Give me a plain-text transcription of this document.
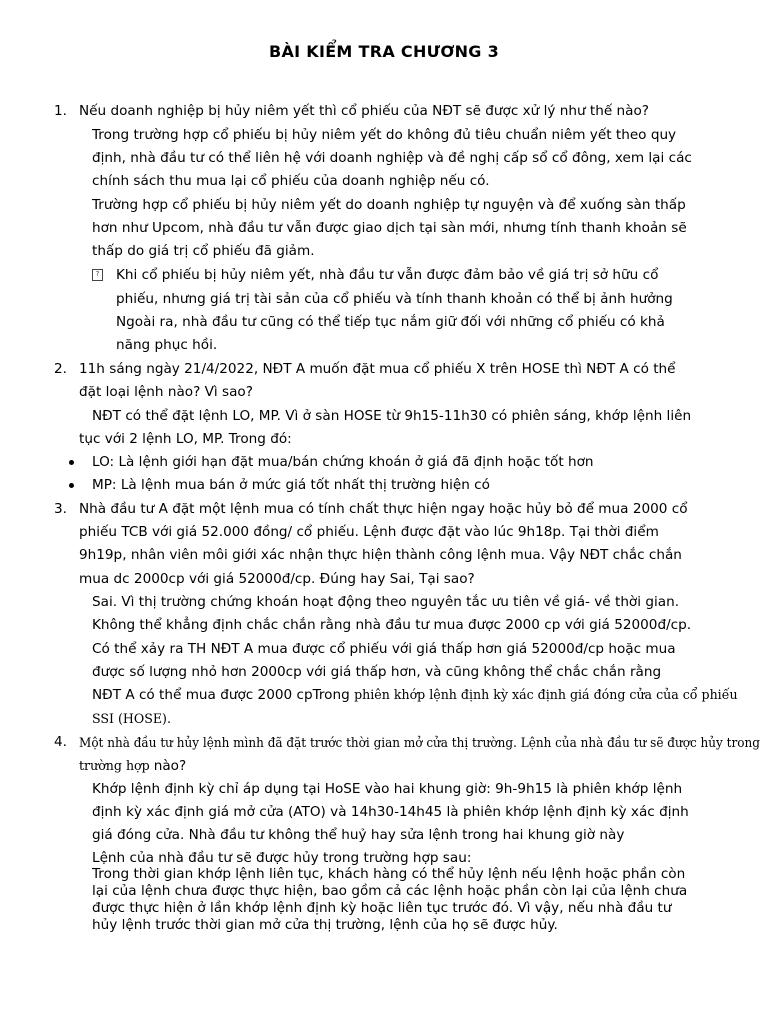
BÀI KIỂM TRA CHƯƠNG 3
1. Nếu doanh nghiệp bị hủy niêm yết thì cổ phiếu của NĐT sẽ được xử lý như thế nào?
Trong trường hợp cổ phiếu bị hủy niêm yết do không đủ tiêu chuẩn niêm yết theo quy
định, nhà đầu tư có thể liên hệ với doanh nghiệp và đề nghị cấp sổ cổ đông, xem lại các
chính sách thu mua lại cổ phiếu của doanh nghiệp nếu có.
Trường hợp cổ phiếu bị hủy niêm yết do doanh nghiệp tự nguyện và để xuống sàn thấp
hơn như Upcom, nhà đầu tư vẫn được giao dịch tại sàn mới, nhưng tính thanh khoản sẽ
thấp do giá trị cổ phiếu đã giảm.
? Khi cổ phiếu bị hủy niêm yết, nhà đầu tư vẫn được đảm bảo về giá trị sở hữu cổ
phiếu, nhưng giá trị tài sản của cổ phiếu và tính thanh khoản có thể bị ảnh hưởng
Ngoài ra, nhà đầu tư cũng có thể tiếp tục nắm giữ đối với những cổ phiếu có khả
năng phục hồi.
2. 11h sáng ngày 21/4/2022, NĐT A muốn đặt mua cổ phiếu X trên HOSE thì NĐT A có thể
đặt loại lệnh nào? Vì sao?
NĐT có thể đặt lệnh LO, MP. Vì ở sàn HOSE từ 9h15-11h30 có phiên sáng, khớp lệnh liên
tục với 2 lệnh LO, MP. Trong đó:
LO: Là lệnh giới hạn đặt mua/bán chứng khoán ở giá đã định hoặc tốt hơn
MP: Là lệnh mua bán ở mức giá tốt nhất thị trường hiện có
3. Nhà đầu tư A đặt một lệnh mua có tính chất thực hiện ngay hoặc hủy bỏ để mua 2000 cổ
phiếu TCB với giá 52.000 đồng/ cổ phiếu. Lệnh được đặt vào lúc 9h18p. Tại thời điểm
9h19p, nhân viên môi giới xác nhận thực hiện thành công lệnh mua. Vậy NĐT chắc chắn
mua dc 2000cp với giá 52000đ/cp. Đúng hay Sai, Tại sao?
Sai. Vì thị trường chứng khoán hoạt động theo nguyên tắc ưu tiên về giá- về thời gian.
Không thể khẳng định chắc chắn rằng nhà đầu tư mua được 2000 cp với giá 52000đ/cp.
Có thể xảy ra TH NĐT A mua được cổ phiếu với giá thấp hơn giá 52000đ/cp hoặc mua
được số lượng nhỏ hơn 2000cp với giá thấp hơn, và cũng không thể chắc chắn rằng
NĐT A có thể mua được 2000 cpTrong phiên khớp lệnh định kỳ xác định giá đóng cửa của cổ phiếu
SSI (HOSE).
4. Một nhà đầu tư hủy lệnh mình đã đặt trước thời gian mở cửa thị trường. Lệnh của nhà đầu tư sẽ được hủy trong
trường hợp nào?
Khớp lệnh định kỳ chỉ áp dụng tại HoSE vào hai khung giờ: 9h-9h15 là phiên khớp lệnh
định kỳ xác định giá mở cửa (ATO) và 14h30-14h45 là phiên khớp lệnh định kỳ xác định
giá đóng cửa. Nhà đầu tư không thể huỷ hay sửa lệnh trong hai khung giờ này
Lệnh của nhà đầu tư sẽ được hủy trong trường hợp sau:
Trong thời gian khớp lệnh liên tục, khách hàng có thể hủy lệnh nếu lệnh hoặc phần còn
lại của lệnh chưa được thực hiện, bao gồm cả các lệnh hoặc phần còn lại của lệnh chưa
được thực hiện ở lần khớp lệnh định kỳ hoặc liên tục trước đó. Vì vậy, nếu nhà đầu tư
hủy lệnh trước thời gian mở cửa thị trường, lệnh của họ sẽ được hủy.
